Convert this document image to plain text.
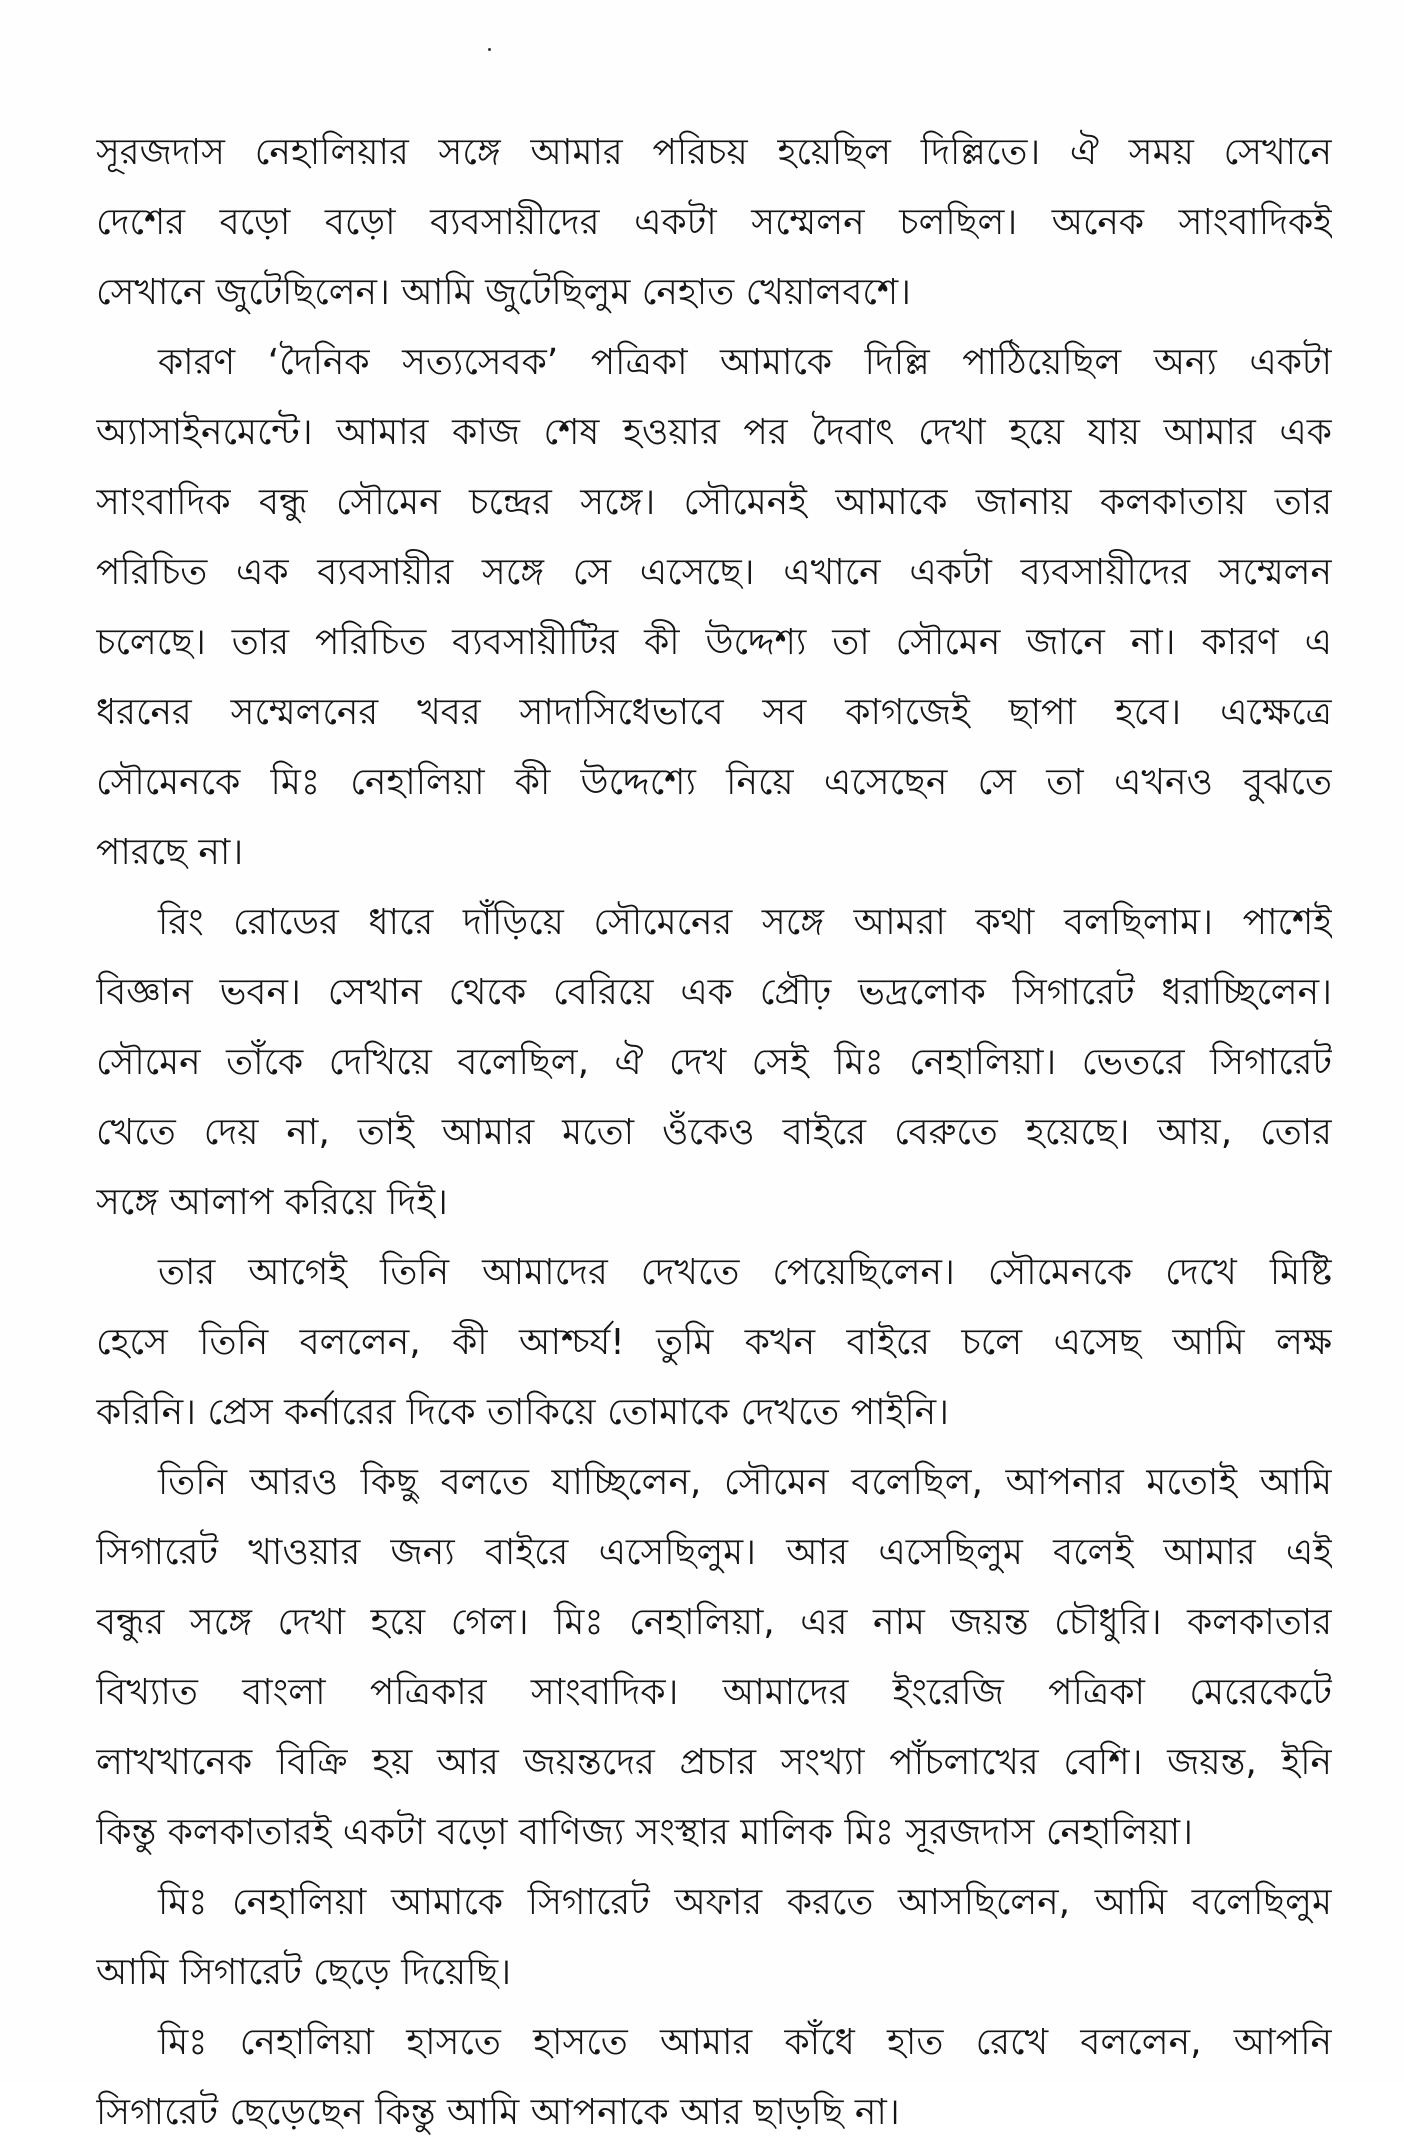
সূরজদাস নেহালিয়ার সঙ্গে আমার পরিচয় হয়েছিল দিল্লিতে। ঐ সময় সেখানে
দেশের বড়ো বড়ো ব্যবসায়ীদের একটা সম্মেলন চলছিল। অনেক সাংবাদিকই
সেখানে জুটেছিলেন। আমি জুটেছিলুম নেহাত খেয়ালবশে।
কারণ ‘দৈনিক সত্যসেবক’ পত্রিকা আমাকে দিল্লি পাঠিয়েছিল অন্য একটা
অ্যাসাইনমেন্টে। আমার কাজ শেষ হওয়ার পর দৈবাৎ দেখা হয়ে যায় আমার এক
সাংবাদিক বন্ধু সৌমেন চন্দ্রের সঙ্গে। সৌমেনই আমাকে জানায় কলকাতায় তার
পরিচিত এক ব্যবসায়ীর সঙ্গে সে এসেছে। এখানে একটা ব্যবসায়ীদের সম্মেলন
চলেছে। তার পরিচিত ব্যবসায়ীটির কী উদ্দেশ্য তা সৌমেন জানে না। কারণ এ
ধরনের সম্মেলনের খবর সাদাসিধেভাবে সব কাগজেই ছাপা হবে। এক্ষেত্রে
সৌমেনকে মিঃ নেহালিয়া কী উদ্দেশ্যে নিয়ে এসেছেন সে তা এখনও বুঝতে
পারছে না।
রিং রোডের ধারে দাঁড়িয়ে সৌমেনের সঙ্গে আমরা কথা বলছিলাম। পাশেই
বিজ্ঞান ভবন। সেখান থেকে বেরিয়ে এক প্রৌঢ় ভদ্রলোক সিগারেট ধরাচ্ছিলেন।
সৌমেন তাঁকে দেখিয়ে বলেছিল, ঐ দেখ সেই মিঃ নেহালিয়া। ভেতরে সিগারেট
খেতে দেয় না, তাই আমার মতো ওঁকেও বাইরে বেরুতে হয়েছে। আয়, তোর
সঙ্গে আলাপ করিয়ে দিই।
তার আগেই তিনি আমাদের দেখতে পেয়েছিলেন। সৌমেনকে দেখে মিষ্টি
হেসে তিনি বললেন, কী আশ্চর্য! তুমি কখন বাইরে চলে এসেছ আমি লক্ষ
করিনি। প্রেস কর্নারের দিকে তাকিয়ে তোমাকে দেখতে পাইনি।
তিনি আরও কিছু বলতে যাচ্ছিলেন, সৌমেন বলেছিল, আপনার মতোই আমি
সিগারেট খাওয়ার জন্য বাইরে এসেছিলুম। আর এসেছিলুম বলেই আমার এই
বন্ধুর সঙ্গে দেখা হয়ে গেল। মিঃ নেহালিয়া, এর নাম জয়ন্ত চৌধুরি। কলকাতার
বিখ্যাত বাংলা পত্রিকার সাংবাদিক। আমাদের ইংরেজি পত্রিকা মেরেকেটে
লাখখানেক বিক্রি হয় আর জয়ন্তদের প্রচার সংখ্যা পাঁচলাখের বেশি। জয়ন্ত, ইনি
কিন্তু কলকাতারই একটা বড়ো বাণিজ্য সংস্থার মালিক মিঃ সূরজদাস নেহালিয়া।
মিঃ নেহালিয়া আমাকে সিগারেট অফার করতে আসছিলেন, আমি বলেছিলুম
আমি সিগারেট ছেড়ে দিয়েছি।
মিঃ নেহালিয়া হাসতে হাসতে আমার কাঁধে হাত রেখে বললেন, আপনি
সিগারেট ছেড়েছেন কিন্তু আমি আপনাকে আর ছাড়ছি না।
